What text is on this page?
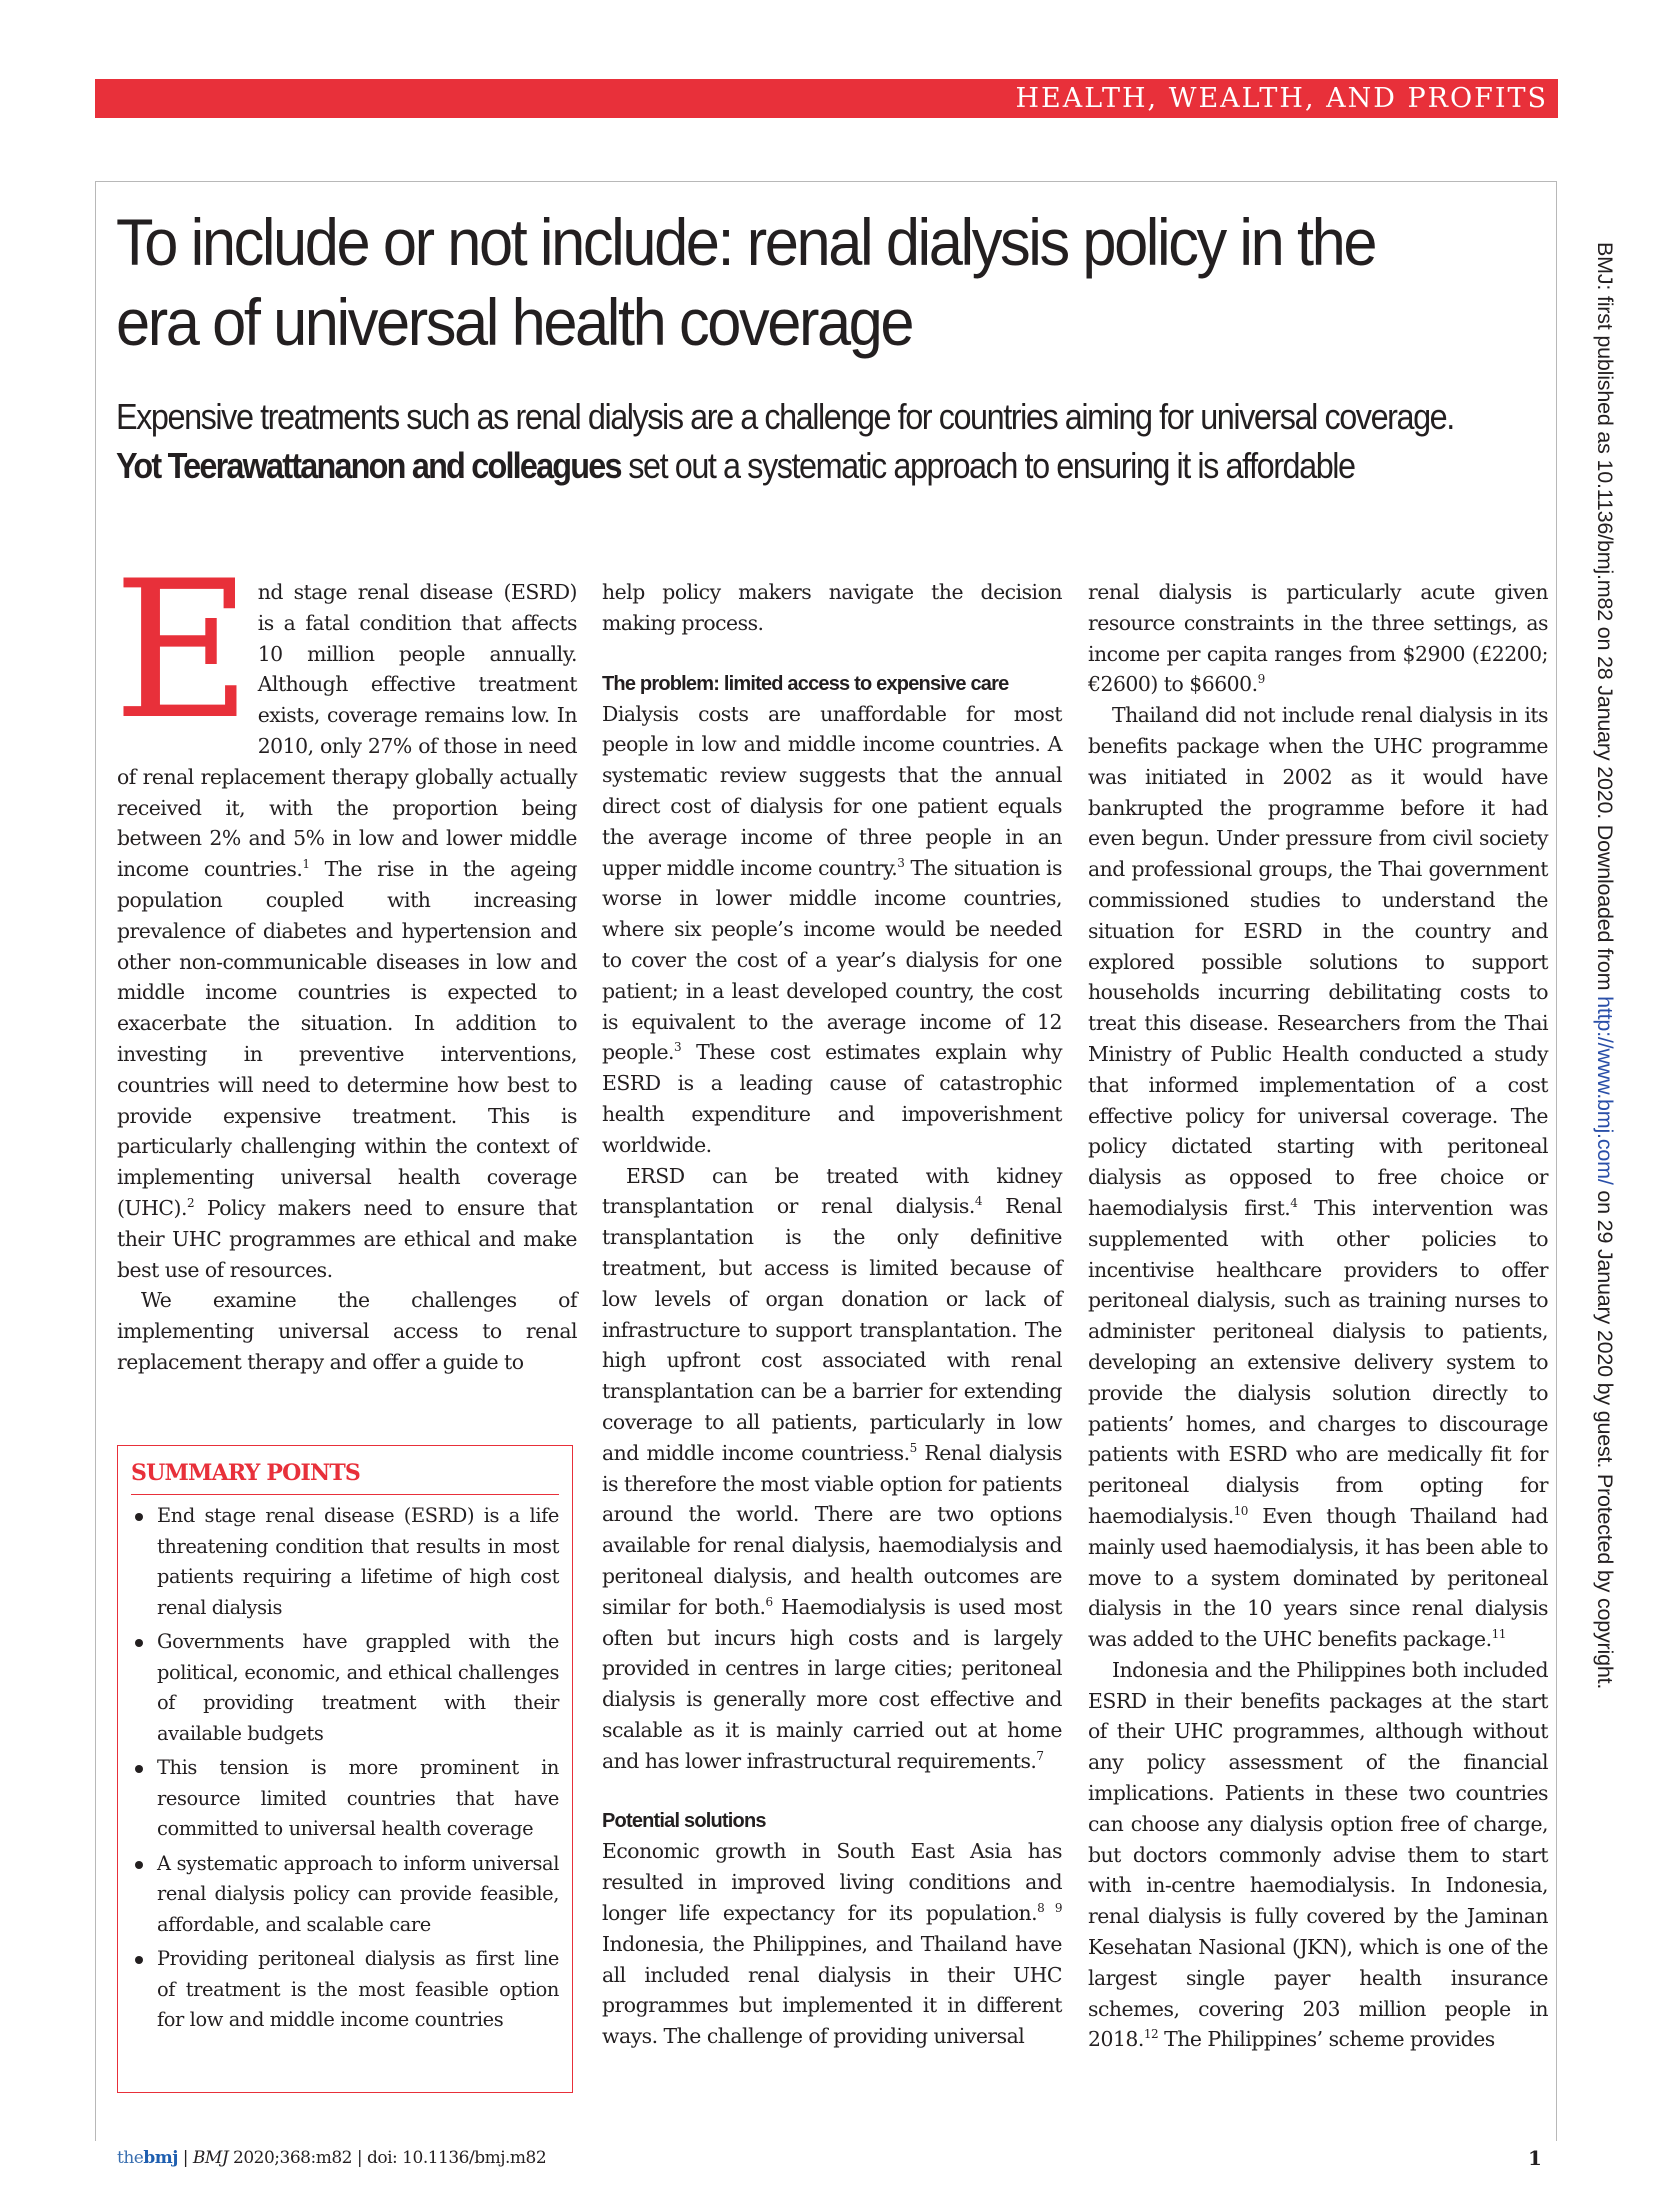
HEALTH, WEALTH, AND PROFITS
To include or not include: renal dialysis policy in the era of universal health coverage
Expensive treatments such as renal dialysis are a challenge for countries aiming for universal coverage. Yot Teerawattananon and colleagues set out a systematic approach to ensuring it is affordable

End stage renal disease (ESRD) is a fatal condition that affects 10 million people annually. Although effective treatment exists, coverage remains low. In 2010, only 27% of those in need of renal replacement therapy globally actually received it, with the proportion being between 2% and 5% in low and lower middle income countries.$^1$ The rise in the ageing population coupled with increasing prevalence of diabetes and hypertension and other non-communicable diseases in low and middle income countries is expected to exacerbate the situation. In addition to investing in preventive interventions, countries will need to determine how best to provide expensive treatment. This is particularly challenging within the context of implementing universal health coverage (UHC).$^2$ Policy makers need to ensure that their UHC programmes are ethical and make best use of resources.

We examine the challenges of implementing universal access to renal replacement therapy and offer a guide to

SUMMARY POINTS
End stage renal disease (ESRD) is a life threatening condition that results in most patients requiring a lifetime of high cost renal dialysis
Governments have grappled with the political, economic, and ethical challenges of providing treatment with their available budgets
This tension is more prominent in resource limited countries that have committed to universal health coverage
A systematic approach to inform universal renal dialysis policy can provide feasible, affordable, and scalable care
Providing peritoneal dialysis as first line of treatment is the most feasible option for low and middle income countries

help policy makers navigate the decision making process.

The problem: limited access to expensive care

Dialysis costs are unaffordable for most people in low and middle income countries. A systematic review suggests that the annual direct cost of dialysis for one patient equals the average income of three people in an upper middle income country.$^3$ The situation is worse in lower middle income countries, where six people’s income would be needed to cover the cost of a year’s dialysis for one patient; in a least developed country, the cost is equivalent to the average income of 12 people.$^3$ These cost estimates explain why ESRD is a leading cause of catastrophic health expenditure and impoverishment worldwide.

ERSD can be treated with kidney transplantation or renal dialysis.$^4$ Renal transplantation is the only definitive treatment, but access is limited because of low levels of organ donation or lack of infrastructure to support transplantation. The high upfront cost associated with renal transplantation can be a barrier for extending coverage to all patients, particularly in low and middle income countriess.$^5$ Renal dialysis is therefore the most viable option for patients around the world. There are two options available for renal dialysis, haemodialysis and peritoneal dialysis, and health outcomes are similar for both.$^6$ Haemodialysis is used most often but incurs high costs and is largely provided in centres in large cities; peritoneal dialysis is generally more cost effective and scalable as it is mainly carried out at home and has lower infrastructural requirements.$^7$

Potential solutions

Economic growth in South East Asia has resulted in improved living conditions and longer life expectancy for its population.$^{8 9}$ Indonesia, the Philippines, and Thailand have all included renal dialysis in their UHC programmes but implemented it in different ways. The challenge of providing universal

renal dialysis is particularly acute given resource constraints in the three settings, as income per capita ranges from $2900 (£2200; €2600) to $6600.$^9$

Thailand did not include renal dialysis in its benefits package when the UHC programme was initiated in 2002 as it would have bankrupted the programme before it had even begun. Under pressure from civil society and professional groups, the Thai government commissioned studies to understand the situation for ESRD in the country and explored possible solutions to support households incurring debilitating costs to treat this disease. Researchers from the Thai Ministry of Public Health conducted a study that informed implementation of a cost effective policy for universal coverage. The policy dictated starting with peritoneal dialysis as opposed to free choice or haemodialysis first.$^4$ This intervention was supplemented with other policies to incentivise healthcare providers to offer peritoneal dialysis, such as training nurses to administer peritoneal dialysis to patients, developing an extensive delivery system to provide the dialysis solution directly to patients’ homes, and charges to discourage patients with ESRD who are medically fit for peritoneal dialysis from opting for haemodialysis.$^{10}$ Even though Thailand had mainly used haemodialysis, it has been able to move to a system dominated by peritoneal dialysis in the 10 years since renal dialysis was added to the UHC benefits package.$^{11}$

Indonesia and the Philippines both included ESRD in their benefits packages at the start of their UHC programmes, although without any policy assessment of the financial implications. Patients in these two countries can choose any dialysis option free of charge, but doctors commonly advise them to start with in-centre haemodialysis. In Indonesia, renal dialysis is fully covered by the Jaminan Kesehatan Nasional (JKN), which is one of the largest single payer health insurance schemes, covering 203 million people in 2018.12 The Philippines’ scheme provides

thebmj | BMJ 2020;368:m82 | doi: 10.1136/bmj.m82	1
BMJ: first published as 10.1136/bmj.m82 on 28 January 2020. Downloaded from http://www.bmj.com/ on 29 January 2020 by guest. Protected by copyright.
